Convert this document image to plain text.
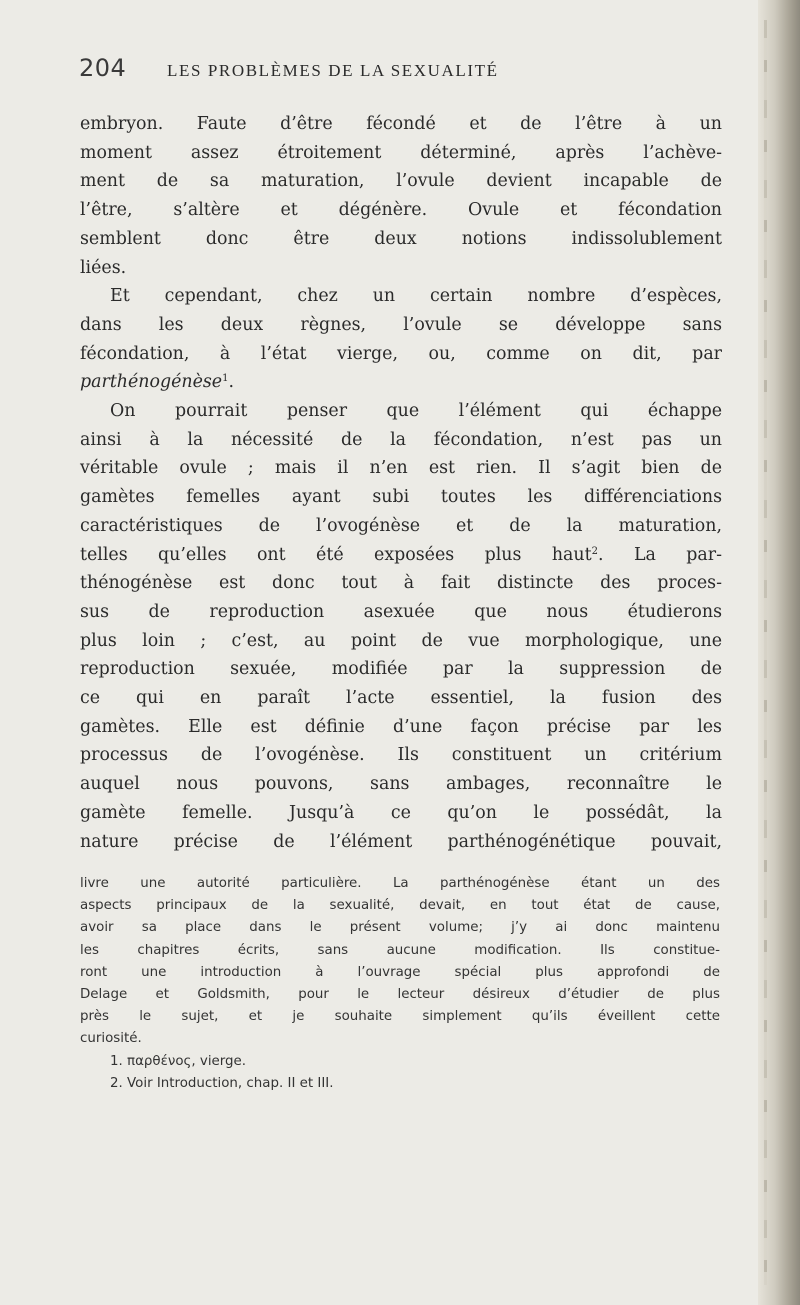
204 LES PROBLÈMES DE LA SEXUALITÉ
embryon. Faute d’être fécondé et de l’être à un
moment assez étroitement déterminé, après l’achève-
ment de sa maturation, l’ovule devient incapable de
l’être, s’altère et dégénère. Ovule et fécondation
semblent donc être deux notions indissolublement
liées.
Et cependant, chez un certain nombre d’espèces,
dans les deux règnes, l’ovule se développe sans
fécondation, à l’état vierge, ou, comme on dit, par
parthénogénèse$^1$.
On pourrait penser que l’élément qui échappe
ainsi à la nécessité de la fécondation, n’est pas un
véritable ovule ; mais il n’en est rien. Il s’agit bien de
gamètes femelles ayant subi toutes les différenciations
caractéristiques de l’ovogénèse et de la maturation,
telles qu’elles ont été exposées plus haut$^2$. La par-
thénogénèse est donc tout à fait distincte des proces-
sus de reproduction asexuée que nous étudierons
plus loin ; c’est, au point de vue morphologique, une
reproduction sexuée, modifiée par la suppression de
ce qui en paraît l’acte essentiel, la fusion des
gamètes. Elle est définie d’une façon précise par les
processus de l’ovogénèse. Ils constituent un critérium
auquel nous pouvons, sans ambages, reconnaître le
gamète femelle. Jusqu’à ce qu’on le possédât, la
nature précise de l’élément parthénogénétique pouvait,
livre une autorité particulière. La parthénogénèse étant un des
aspects principaux de la sexualité, devait, en tout état de cause,
avoir sa place dans le présent volume; j’y ai donc maintenu
les chapitres écrits, sans aucune modification. Ils constitue-
ront une introduction à l’ouvrage spécial plus approfondi de
Delage et Goldsmith, pour le lecteur désireux d’étudier de plus
près le sujet, et je souhaite simplement qu’ils éveillent cette
curiosité.
1. παρθένος, vierge.
2. Voir Introduction, chap. II et III.
